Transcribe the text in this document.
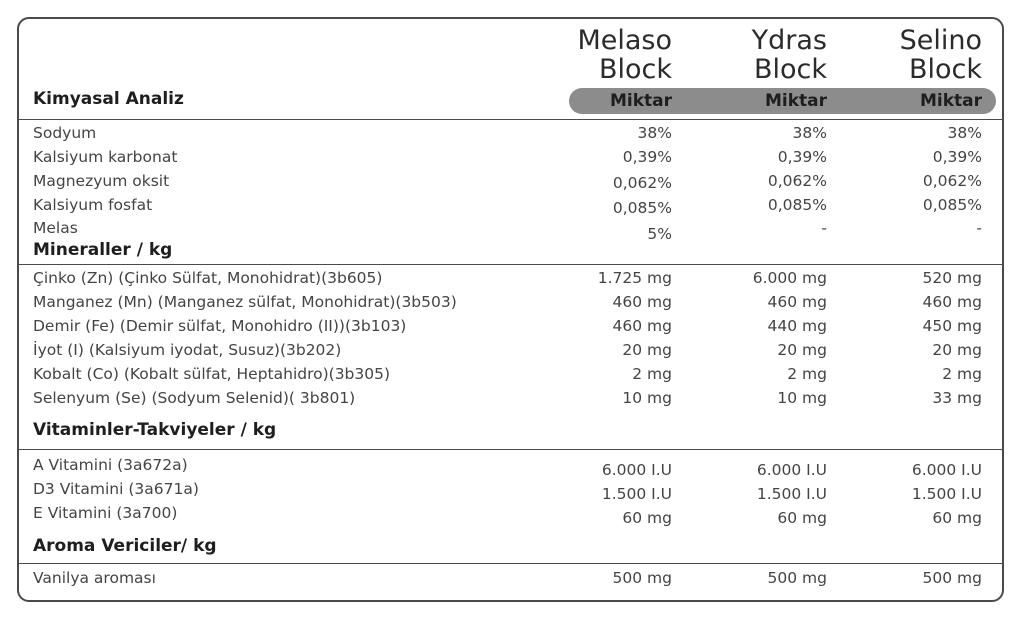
Melaso
Block
Ydras
Block
Selino
Block
Miktar	Miktar	Miktar
Kimyasal Analiz
Sodyum	38%	38%	38%
Kalsiyum karbonat	0,39%	0,39%	0,39%
Magnezyum oksit	0,062%	0,062%	0,062%
Kalsiyum fosfat	0,085%	0,085%	0,085%
Melas	5%	-	-
Mineraller / kg
Çinko (Zn) (Çinko Sülfat, Monohidrat)(3b605)	1.725 mg	6.000 mg	520 mg
Manganez (Mn) (Manganez sülfat, Monohidrat)(3b503)	460 mg	460 mg	460 mg
Demir (Fe) (Demir sülfat, Monohidro (II))(3b103)	460 mg	440 mg	450 mg
İyot (I) (Kalsiyum iyodat, Susuz)(3b202)	20 mg	20 mg	20 mg
Kobalt (Co) (Kobalt sülfat, Heptahidro)(3b305)	2 mg	2 mg	2 mg
Selenyum (Se) (Sodyum Selenid)( 3b801)	10 mg	10 mg	33 mg
Vitaminler-Takviyeler / kg
A Vitamini (3a672a)	6.000 I.U	6.000 I.U	6.000 I.U
D3 Vitamini (3a671a)	1.500 I.U	1.500 I.U	1.500 I.U
E Vitamini (3a700)	60 mg	60 mg	60 mg
Aroma Vericiler/ kg
Vanilya aroması	500 mg	500 mg	500 mg
